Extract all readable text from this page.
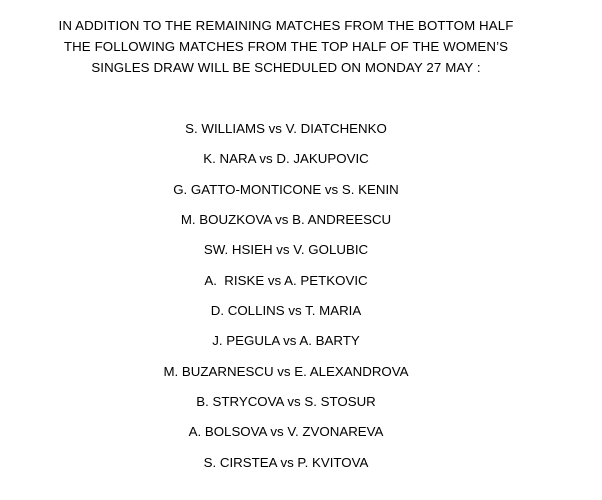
IN ADDITION TO THE REMAINING MATCHES FROM THE BOTTOM HALF
THE FOLLOWING MATCHES FROM THE TOP HALF OF THE WOMEN’S
SINGLES DRAW WILL BE SCHEDULED ON MONDAY 27 MAY :
S. WILLIAMS vs V. DIATCHENKO
K. NARA vs D. JAKUPOVIC
G. GATTO-MONTICONE vs S. KENIN
M. BOUZKOVA vs B. ANDREESCU
SW. HSIEH vs V. GOLUBIC
A.  RISKE vs A. PETKOVIC
D. COLLINS vs T. MARIA
J. PEGULA vs A. BARTY
M. BUZARNESCU vs E. ALEXANDROVA
B. STRYCOVA vs S. STOSUR
A. BOLSOVA vs V. ZVONAREVA
S. CIRSTEA vs P. KVITOVA
